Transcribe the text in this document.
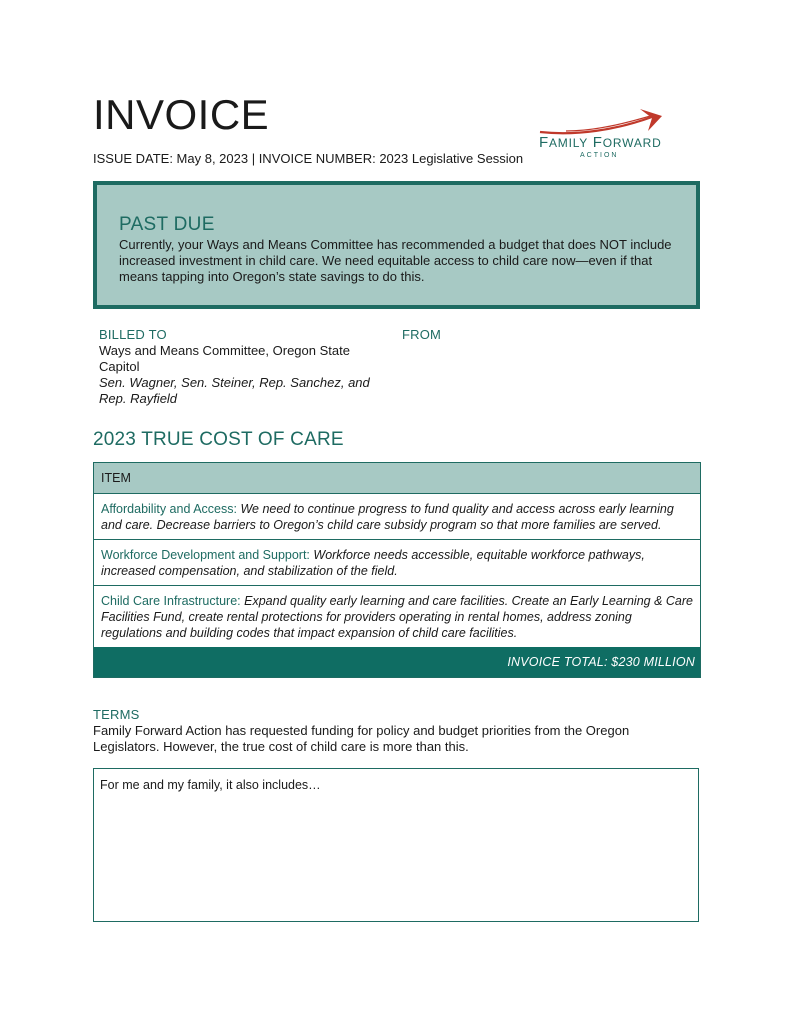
INVOICE
ISSUE DATE: May 8, 2023 | INVOICE NUMBER: 2023 Legislative Session
FAMILY FORWARD
ACTION
PAST DUE
Currently, your Ways and Means Committee has recommended a budget that does NOT include increased investment in child care. We need equitable access to child care now—even if that means tapping into Oregon’s state savings to do this.
BILLED TO
Ways and Means Committee, Oregon State Capitol
Sen. Wagner, Sen. Steiner, Rep. Sanchez, and Rep. Rayfield
FROM
2023 TRUE COST OF CARE
ITEM
Affordability and Access: We need to continue progress to fund quality and access across early learning and care. Decrease barriers to Oregon’s child care subsidy program so that more families are served.
Workforce Development and Support: Workforce needs accessible, equitable workforce pathways, increased compensation, and stabilization of the field.
Child Care Infrastructure: Expand quality early learning and care facilities. Create an Early Learning & Care Facilities Fund, create rental protections for providers operating in rental homes, address zoning regulations and building codes that impact expansion of child care facilities.
INVOICE TOTAL: $230 MILLION
TERMS
Family Forward Action has requested funding for policy and budget priorities from the Oregon Legislators. However, the true cost of child care is more than this.
For me and my family, it also includes…
